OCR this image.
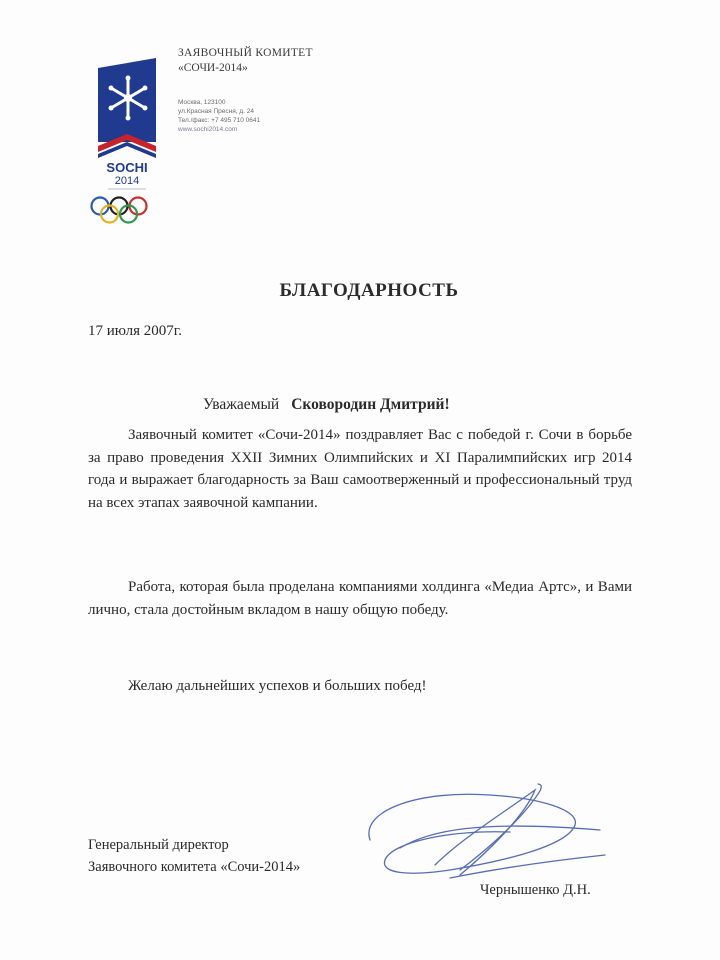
SOCHI
2014
ЗАЯВОЧНЫЙ КОМИТЕТ
«СОЧИ-2014»
Москва, 123100
ул.Красная Пресня, д. 24
Тел./факс: +7 495 710 0641
www.sochi2014.com
БЛАГОДАРНОСТЬ
17 июля 2007г.
Уважаемый Сковородин Дмитрий!
Заявочный комитет «Сочи-2014» поздравляет Вас с победой г. Сочи в борьбе за право проведения XXII Зимних Олимпийских и XI Паралимпийских игр 2014 года и выражает благодарность за Ваш самоотверженный и профессиональный труд на всех этапах заявочной кампании.
Работа, которая была проделана компаниями холдинга «Медиа Артс», и Вами лично, стала достойным вкладом в нашу общую победу.
Желаю дальнейших успехов и больших побед!
Генеральный директор
Заявочного комитета «Сочи-2014»
Чернышенко Д.Н.
